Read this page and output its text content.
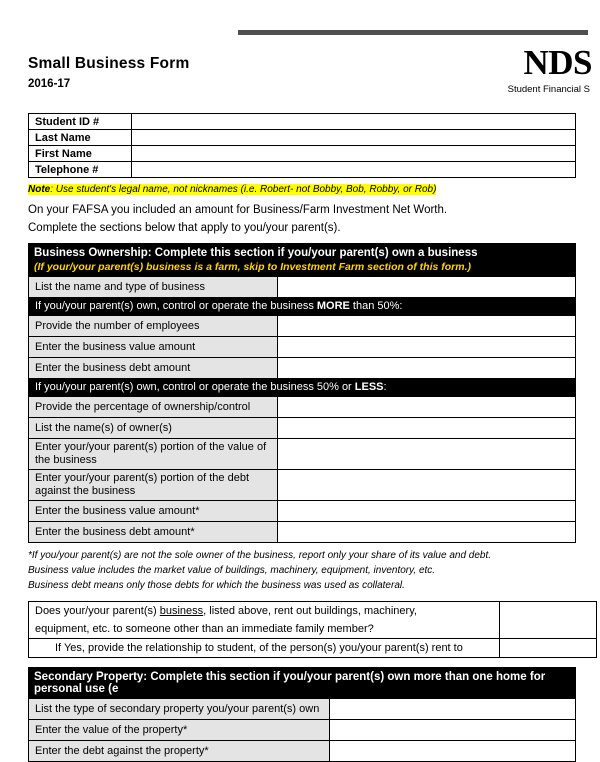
Small Business Form
2016-17
NDS
Student Financial S
Student ID #	
Last Name	
First Name	
Telephone #	
Note: Use student's legal name, not nicknames (i.e. Robert- not Bobby, Bob, Robby, or Rob)
On your FAFSA you included an amount for Business/Farm Investment Net Worth.
Complete the sections below that apply to you/your parent(s).
Business Ownership: Complete this section if you/your parent(s) own a business
(If your/your parent(s) business is a farm, skip to Investment Farm section of this form.)
List the name and type of business	
If you/your parent(s) own, control or operate the business MORE than 50%:
Provide the number of employees	
Enter the business value amount	
Enter the business debt amount	
If you/your parent(s) own, control or operate the business 50% or LESS:
Provide the percentage of ownership/control	
List the name(s) of owner(s)	
Enter your/your parent(s) portion of the value of the business	
Enter your/your parent(s) portion of the debt against the business	
Enter the business value amount*	
Enter the business debt amount*	
*If you/your parent(s) are not the sole owner of the business, report only your share of its value and debt.
Business value includes the market value of buildings, machinery, equipment, inventory, etc.
Business debt means only those debts for which the business was used as collateral.
Does your/your parent(s) business, listed above, rent out buildings, machinery,	
equipment, etc. to someone other than an immediate family member?	
If Yes, provide the relationship to student, of the person(s) you/your parent(s) rent to	
Secondary Property: Complete this section if you/your parent(s) own more than one home for personal use (e
List the type of secondary property you/your parent(s) own	
Enter the value of the property*	
Enter the debt against the property*	
